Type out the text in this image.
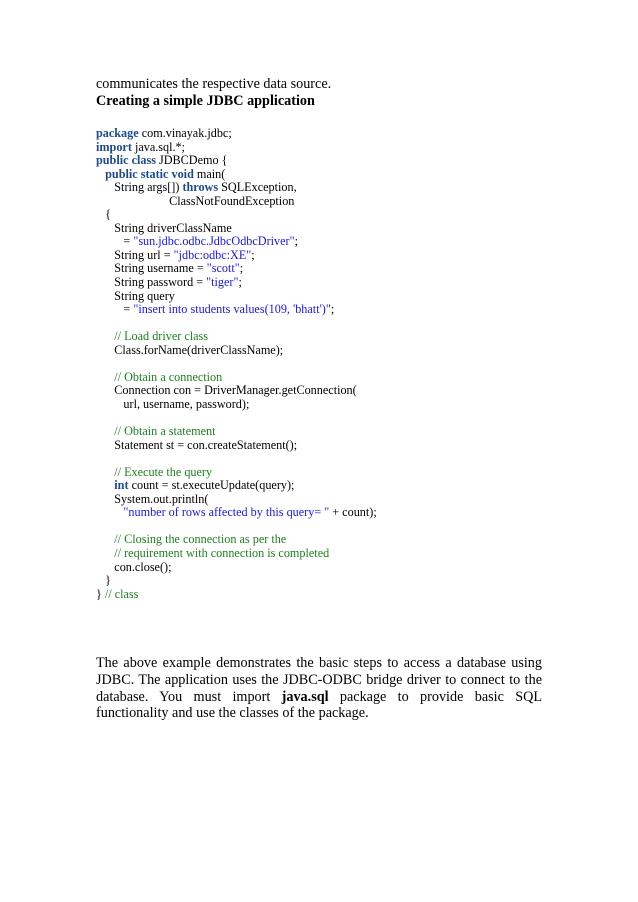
communicates the respective data source.
Creating a simple JDBC application
package com.vinayak.jdbc;
import java.sql.*;
public class JDBCDemo {
public static void main(
String args[]) throws SQLException,
ClassNotFoundException
{
String driverClassName
= "sun.jdbc.odbc.JdbcOdbcDriver";
String url = "jdbc:odbc:XE";
String username = "scott";
String password = "tiger";
String query
= "insert into students values(109, 'bhatt')";
// Load driver class
Class.forName(driverClassName);
// Obtain a connection
Connection con = DriverManager.getConnection(
url, username, password);
// Obtain a statement
Statement st = con.createStatement();
// Execute the query
int count = st.executeUpdate(query);
System.out.println(
"number of rows affected by this query= " + count);
// Closing the connection as per the
// requirement with connection is completed
con.close();
}
} // class
The above example demonstrates the basic steps to access a database using JDBC. The application uses the JDBC-ODBC bridge driver to connect to the database. You must import java.sql package to provide basic SQL functionality and use the classes of the package.
